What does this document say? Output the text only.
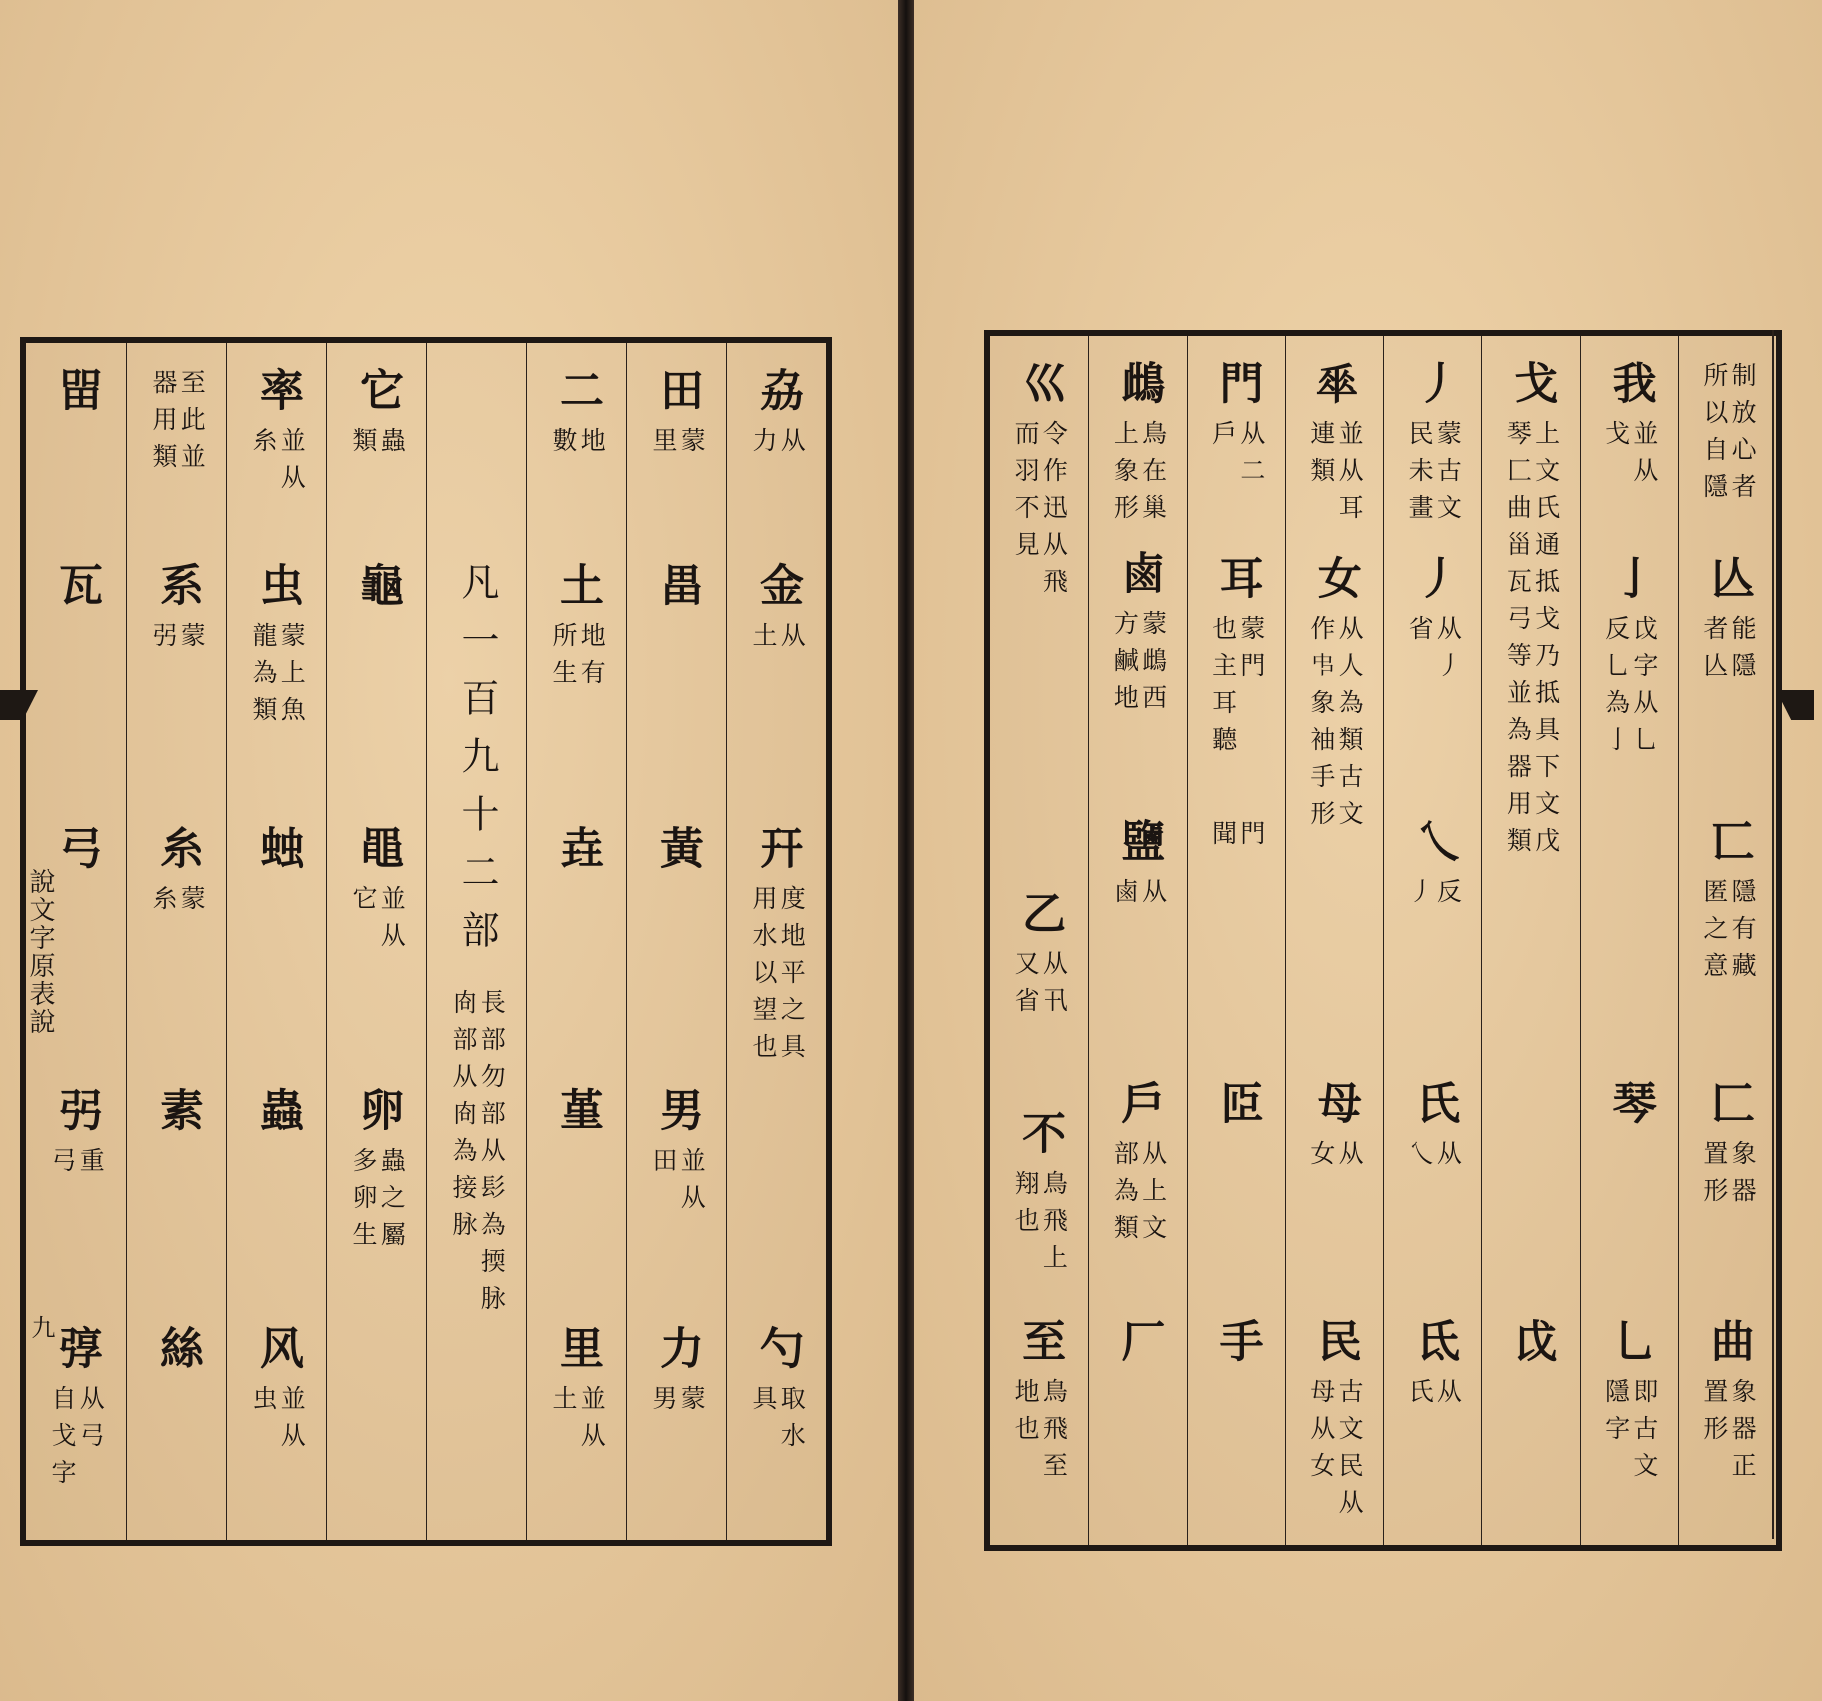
㽞
瓦
弓
弜
重
弓
弴
从弓
自戈字
至此並
器用類
系
蒙
弜
糸
蒙
糸
素
絲
率
並从
糸
虫
蒙上魚
龍為類
䖵
蟲
风
並从
虫
它
蟲
類
龜
黽
並从
它
卵
蟲之屬
多卵生
凡一百九十二部
長部勿部从髟為㨎脉
㕯部从㕯為接脉
二
地
數
土
地有
所生
垚
堇
里
並从
土
田
蒙
里
畕
黃
男
並从
田
力
蒙
男
劦
从
力
金
从
土
幵
度地平之具
用水以望也
勺
取水
具
巛
令作迅从飛
而羽不見
乙
从卂
又省
不
鳥飛上
翔也
至
鳥飛至
地也
䳄
鳥在巢
上象形
鹵
蒙䳄西
方鹹地
鹽
从
鹵
戶
从上文
部為類
厂
門
从二
戶
耳
蒙門
也主耳聽
門
聞
𦣝
手
𠦬
並从耳
連類
女
从人為類古文
作𠁧象袖手形
母
从
女
民
古文民从
母从女
丿
蒙古文
民未畫
丿
从丿
省
乀
反
丿
氏
从
乀
氐
从
氏
戈
上文氏通抵戈乃抵具下文戊
琴匚曲甾瓦弓等並為器用類
戉
我
並从
戈
亅
戉字从乚
反乚為亅
琴
乚
即古文
隱字
制放心者
所以自隱
亾
能隱
者亾
匸
隱有藏
匿之意
匚
象器
置形
曲
象器正
置形
說文字原表說
九
